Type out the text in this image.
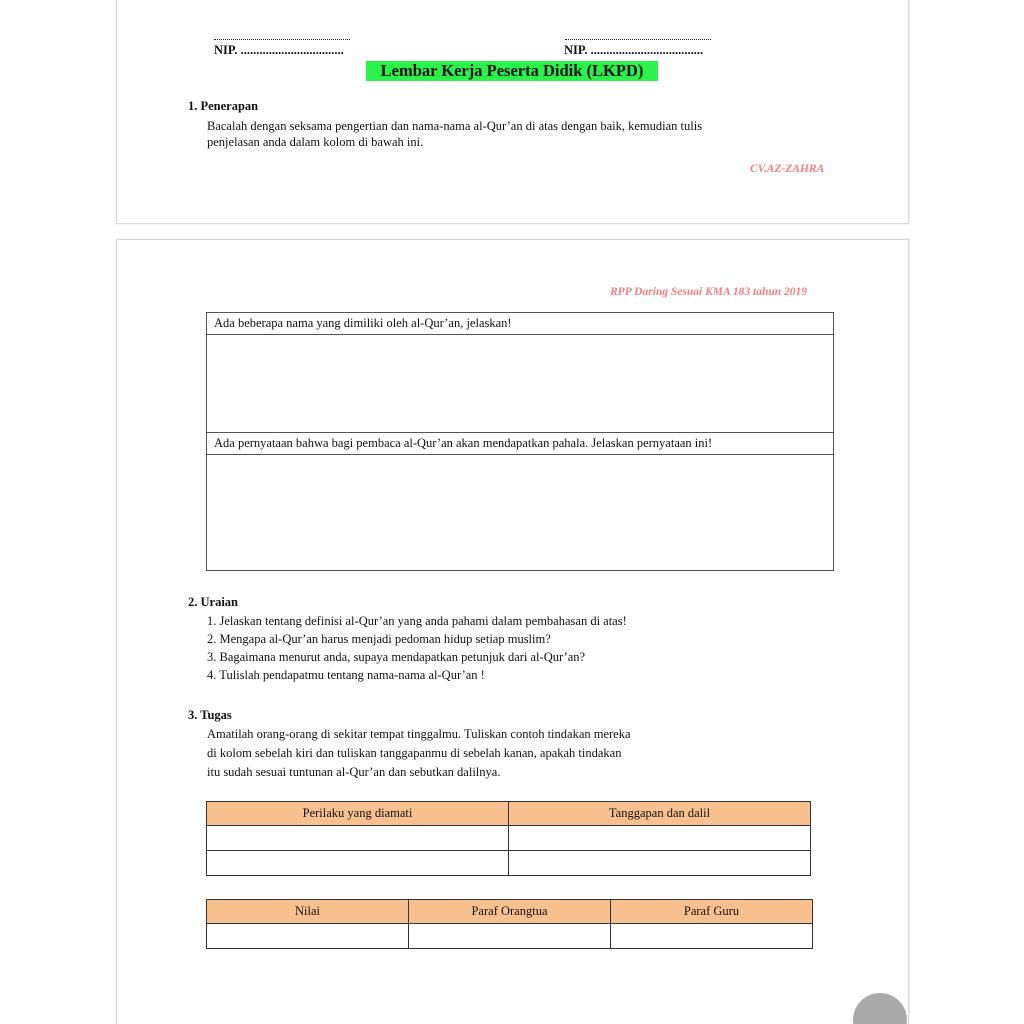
NIP. .................................	NIP. ....................................
Lembar Kerja Peserta Didik (LKPD)
1. Penerapan
Bacalah dengan seksama pengertian dan nama-nama al-Qur’an di atas dengan baik, kemudian tulis
penjelasan anda dalam kolom di bawah ini.
CV.AZ-ZAHRA
RPP Daring Sesuai KMA 183 tahun 2019
Ada beberapa nama yang dimiliki oleh al-Qur’an, jelaskan!

Ada pernyataan bahwa bagi pembaca al-Qur’an akan mendapatkan pahala. Jelaskan pernyataan ini!

2. Uraian
1. Jelaskan tentang definisi al-Qur’an yang anda pahami dalam pembahasan di atas!
2. Mengapa al-Qur’an harus menjadi pedoman hidup setiap muslim?
3. Bagaimana menurut anda, supaya mendapatkan petunjuk dari al-Qur’an?
4. Tulislah pendapatmu tentang nama-nama al-Qur’an !
3. Tugas
Amatilah orang-orang di sekitar tempat tinggalmu. Tuliskan contoh tindakan mereka
di kolom sebelah kiri dan tuliskan tanggapanmu di sebelah kanan, apakah tindakan
itu sudah sesuai tuntunan al-Qur’an dan sebutkan dalilnya.
Perilaku yang diamati	Tanggapan dan dalil

Nilai	Paraf Orangtua	Paraf Guru
